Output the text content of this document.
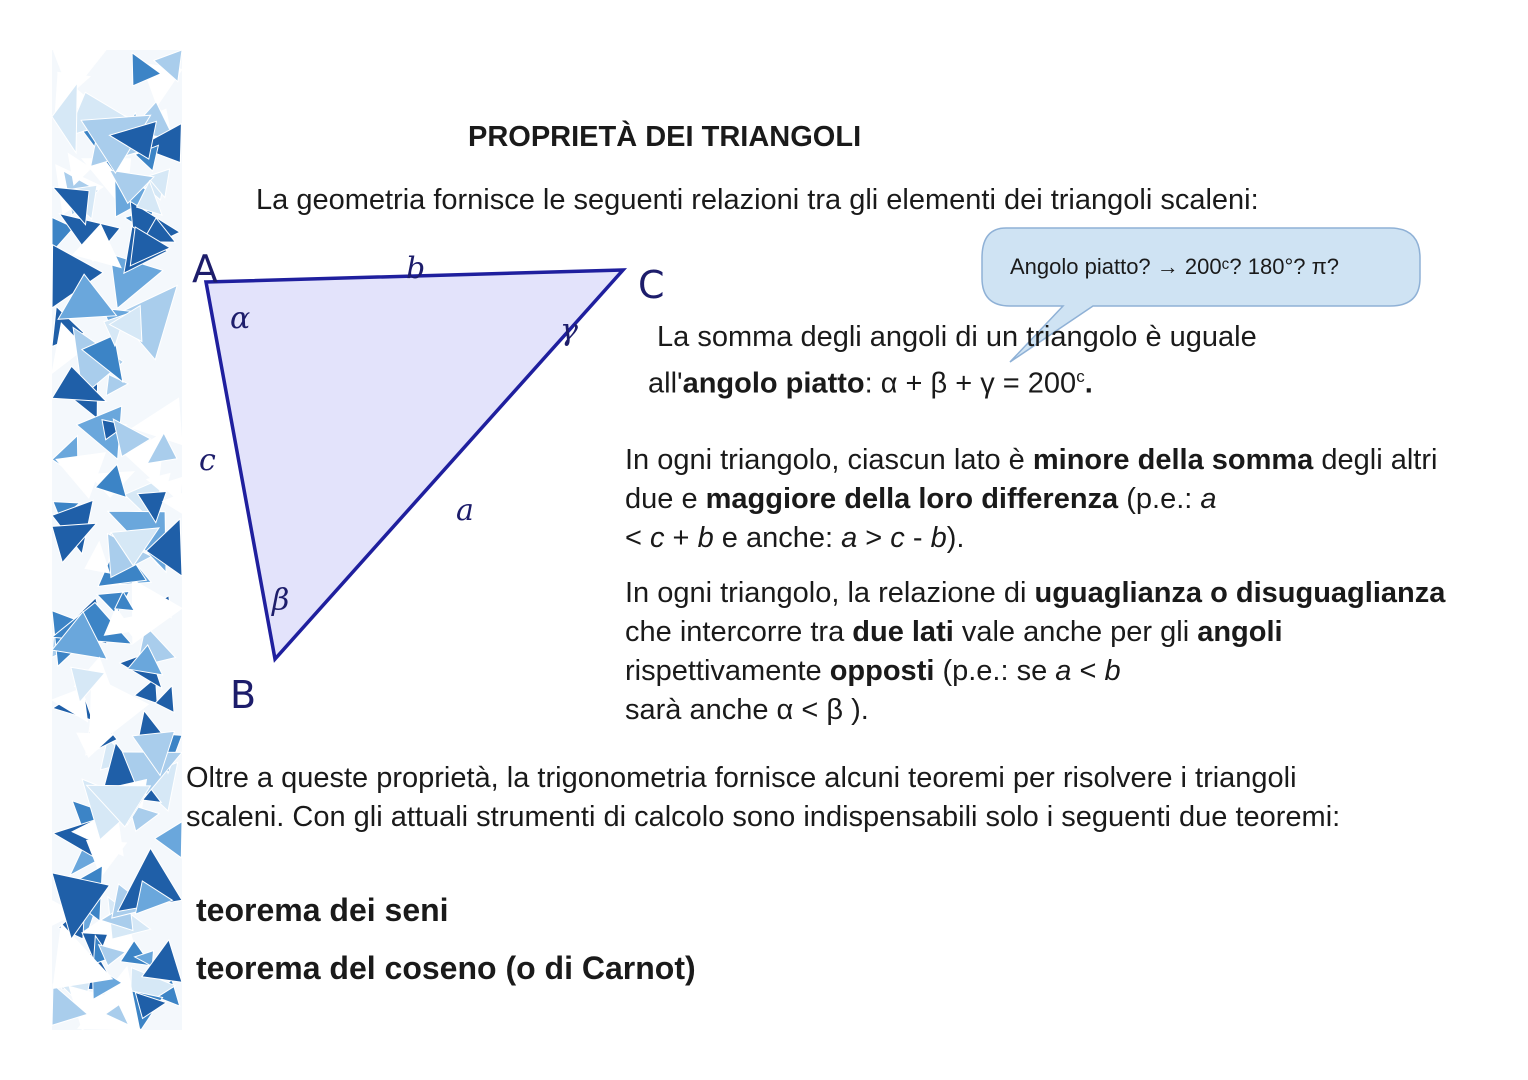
PROPRIETÀ DEI TRIANGOLI
La geometria fornisce le seguenti relazioni tra gli elementi dei triangoli scaleni:
A
B
C
b
c
a
α
β
γ
Angolo piatto? → 200ᶜ? 180°? π?
La somma degli angoli di un triangolo è uguale
all'angolo piatto: $\alpha + \beta + \gamma = 200^c$.
In ogni triangolo, ciascun lato è minore della somma degli altri due e maggiore della loro differenza (p.e.: a
< c + b e anche: a > c - b).
In ogni triangolo, la relazione di uguaglianza o disuguaglianza che intercorre tra due lati vale anche per gli angoli rispettivamente opposti (p.e.: se a < b
sarà anche α < β ).
Oltre a queste proprietà, la trigonometria fornisce alcuni teoremi per risolvere i triangoli scaleni. Con gli attuali strumenti di calcolo sono indispensabili solo i seguenti due teoremi:
teorema dei seni
teorema del coseno (o di Carnot)
